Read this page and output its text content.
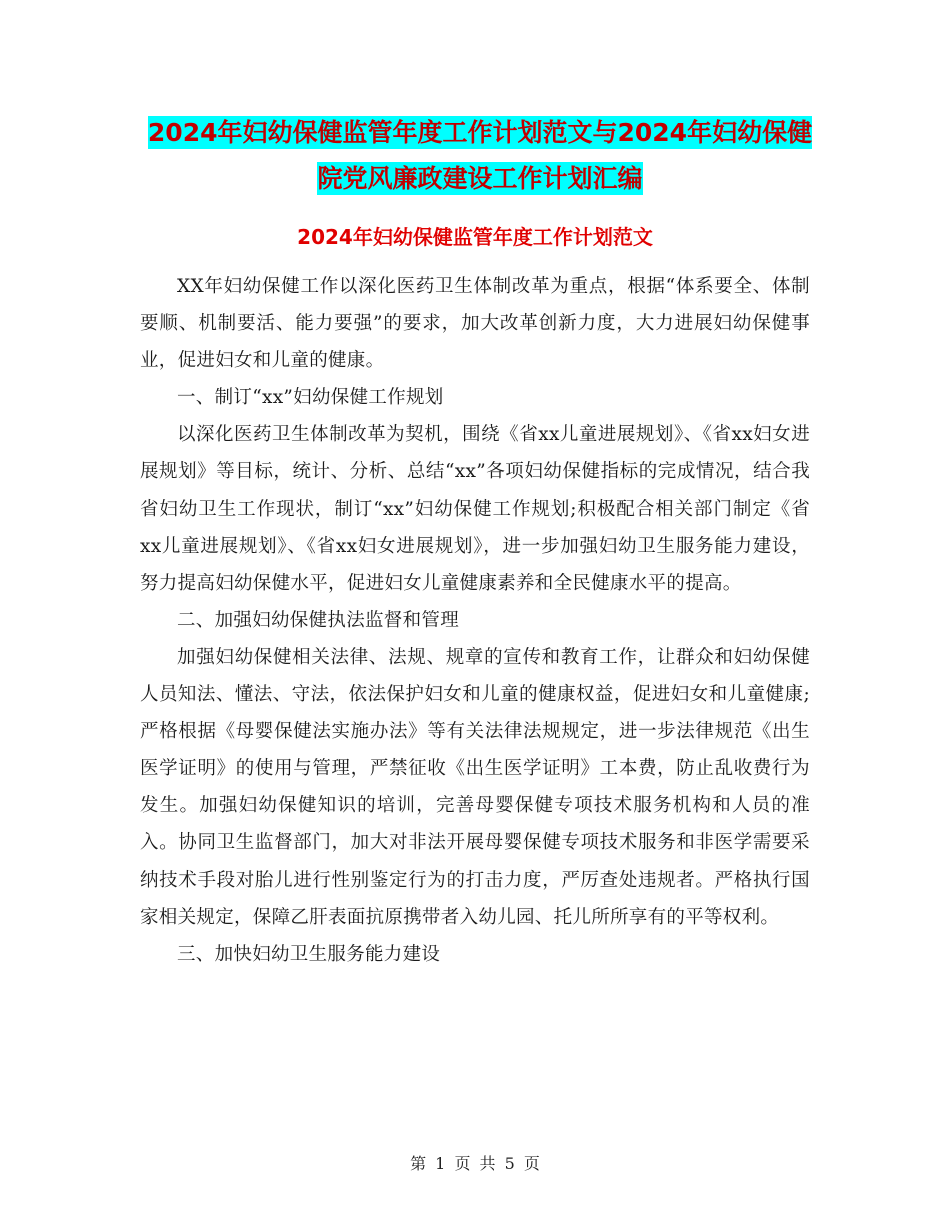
2024年妇幼保健监管年度工作计划范文与2024年妇幼保健院党风廉政建设工作计划汇编
2024年妇幼保健监管年度工作计划范文

XX年妇幼保健工作以深化医药卫生体制改革为重点，根据“体系要全、体制要顺、机制要活、能力要强”的要求，加大改革创新力度，大力进展妇幼保健事业，促进妇女和儿童的健康。

一、制订“xx”妇幼保健工作规划

以深化医药卫生体制改革为契机，围绕《省xx儿童进展规划》、《省xx妇女进展规划》等目标，统计、分析、总结“xx”各项妇幼保健指标的完成情况，结合我省妇幼卫生工作现状，制订“xx”妇幼保健工作规划;积极配合相关部门制定《省xx儿童进展规划》、《省xx妇女进展规划》，进一步加强妇幼卫生服务能力建设，努力提高妇幼保健水平，促进妇女儿童健康素养和全民健康水平的提高。

二、加强妇幼保健执法监督和管理

加强妇幼保健相关法律、法规、规章的宣传和教育工作，让群众和妇幼保健人员知法、懂法、守法，依法保护妇女和儿童的健康权益，促进妇女和儿童健康;严格根据《母婴保健法实施办法》等有关法律法规规定，进一步法律规范《出生医学证明》的使用与管理，严禁征收《出生医学证明》工本费，防止乱收费行为发生。加强妇幼保健知识的培训，完善母婴保健专项技术服务机构和人员的准入。协同卫生监督部门，加大对非法开展母婴保健专项技术服务和非医学需要采纳技术手段对胎儿进行性别鉴定行为的打击力度，严厉查处违规者。严格执行国家相关规定，保障乙肝表面抗原携带者入幼儿园、托儿所所享有的平等权利。

三、加快妇幼卫生服务能力建设

第 1 页 共 5 页
